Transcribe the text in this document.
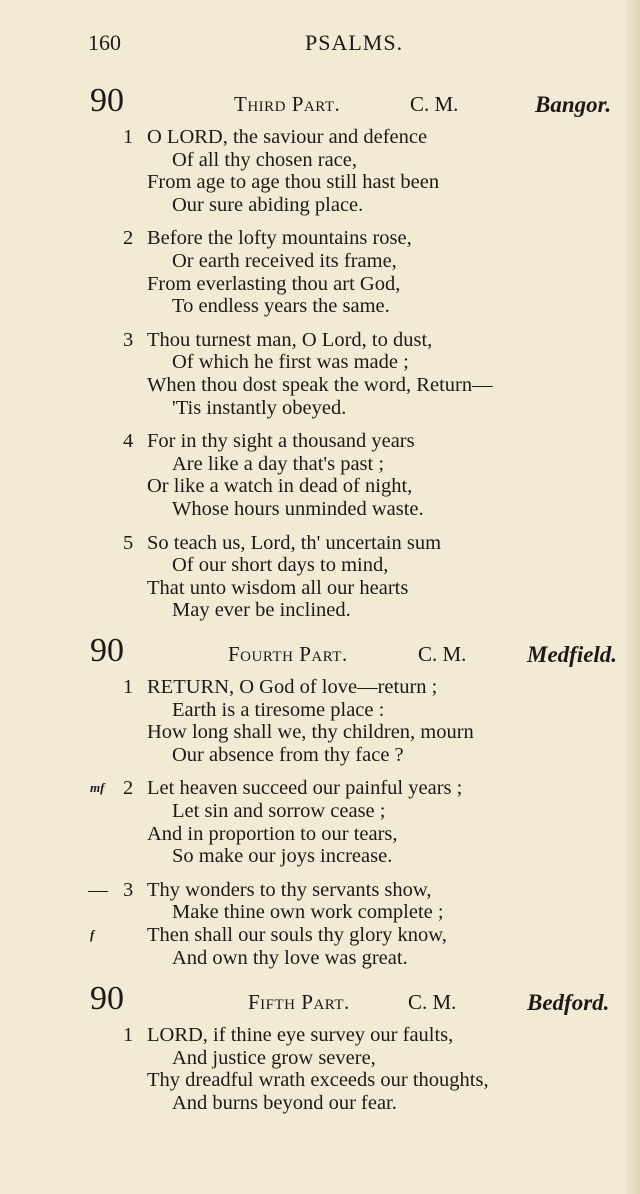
160	PSALMS.
90	Third Part.	C. M.	Bangor.
1 O LORD, the saviour and defence
Of all thy chosen race,
From age to age thou still hast been
Our sure abiding place.
2 Before the lofty mountains rose,
Or earth received its frame,
From everlasting thou art God,
To endless years the same.
3 Thou turnest man, O Lord, to dust,
Of which he first was made ;
When thou dost speak the word, Return—
'Tis instantly obeyed.
4 For in thy sight a thousand years
Are like a day that's past ;
Or like a watch in dead of night,
Whose hours unminded waste.
5 So teach us, Lord, th' uncertain sum
Of our short days to mind,
That unto wisdom all our hearts
May ever be inclined.
90	Fourth Part.	C. M.	Medfield.
1 RETURN, O God of love—return ;
Earth is a tiresome place :
How long shall we, thy children, mourn
Our absence from thy face ?
mf 2 Let heaven succeed our painful years ;
Let sin and sorrow cease ;
And in proportion to our tears,
So make our joys increase.
— 3 Thy wonders to thy servants show,
Make thine own work complete ;
f	Then shall our souls thy glory know,
And own thy love was great.
90	Fifth Part.	C. M.	Bedford.
1 LORD, if thine eye survey our faults,
And justice grow severe,
Thy dreadful wrath exceeds our thoughts,
And burns beyond our fear.
